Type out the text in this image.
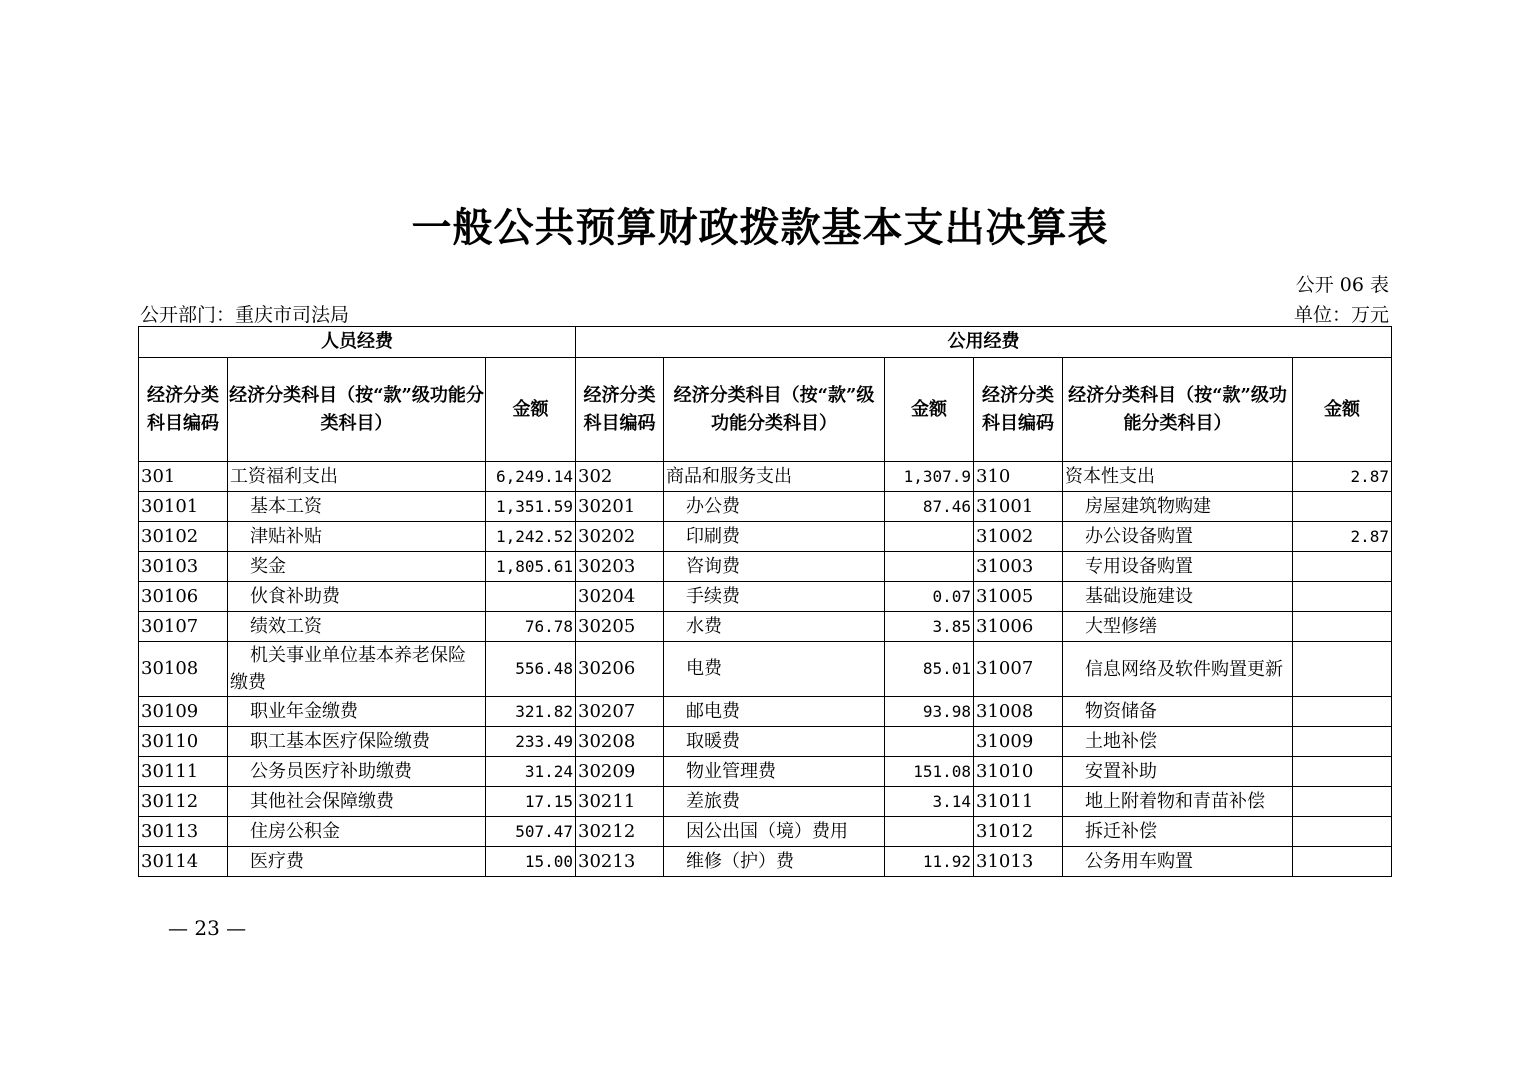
一般公共预算财政拨款基本支出决算表
公开 06 表
公开部门：重庆市司法局	单位：万元
人员经费			公用经费					
经济分类科目编码	经济分类科目（按“款”级功能分类科目）	金额	经济分类科目编码	经济分类科目（按“款”级功能分类科目）	金额	经济分类科目编码	经济分类科目（按“款”级功能分类科目）	金额
301	工资福利支出	6,249.14	302	商品和服务支出	1,307.9	310	资本性支出	2.87
30101	基本工资	1,351.59	30201	办公费	87.46	31001	房屋建筑物购建	
30102	津贴补贴	1,242.52	30202	印刷费		31002	办公设备购置	2.87
30103	奖金	1,805.61	30203	咨询费		31003	专用设备购置	
30106	伙食补助费		30204	手续费	0.07	31005	基础设施建设	
30107	绩效工资	76.78	30205	水费	3.85	31006	大型修缮	
30108	机关事业单位基本养老保险缴费	556.48	30206	电费	85.01	31007	信息网络及软件购置更新	
30109	职业年金缴费	321.82	30207	邮电费	93.98	31008	物资储备	
30110	职工基本医疗保险缴费	233.49	30208	取暖费		31009	土地补偿	
30111	公务员医疗补助缴费	31.24	30209	物业管理费	151.08	31010	安置补助	
30112	其他社会保障缴费	17.15	30211	差旅费	3.14	31011	地上附着物和青苗补偿	
30113	住房公积金	507.47	30212	因公出国（境）费用		31012	拆迁补偿	
30114	医疗费	15.00	30213	维修（护）费	11.92	31013	公务用车购置	
— 23 —
